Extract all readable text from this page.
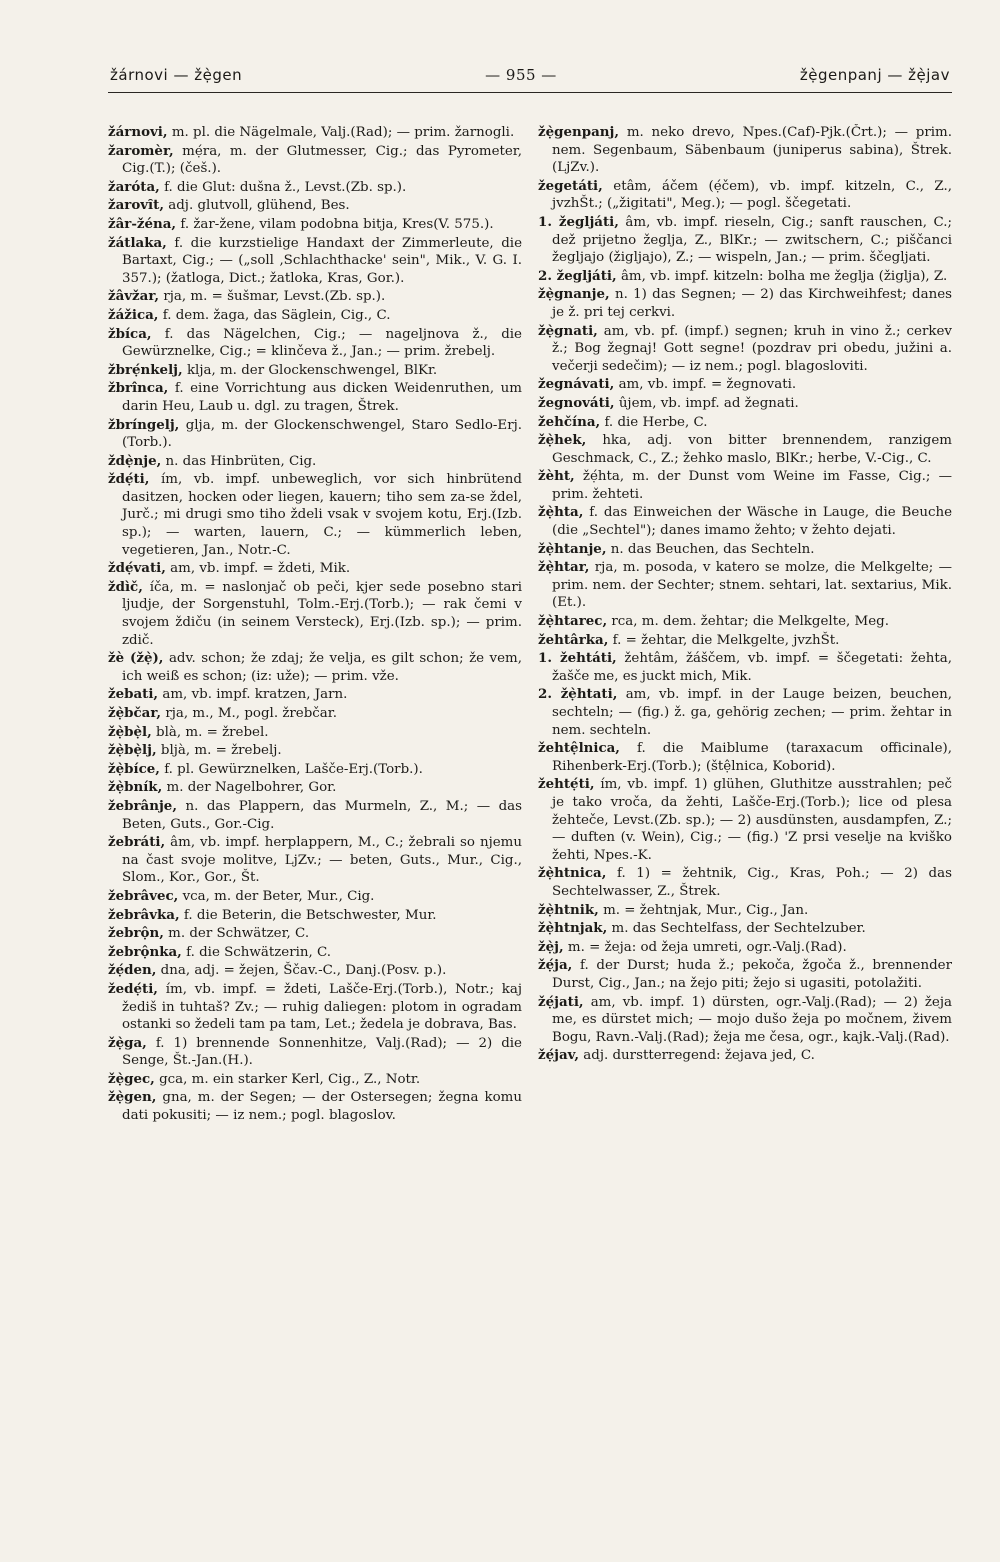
žárnovi — žẹ̀gen	— 955 —	žẹ̀genpanj — žẹ̀jav

žárnovi, m. pl. die Nägelmale, Valj.(Rad); — prim. žarnogli.

žaromèr, mẹ́ra, m. der Glutmesser, Cig.; das Pyrometer, Cig.(T.); (češ.).

žaróta, f. die Glut: dušna ž., Levst.(Zb. sp.).

žarovȋt, adj. glutvoll, glühend, Bes.

žâr-žéna, f. žar-žene, vilam podobna bitja, Kres(V. 575.).

žátlaka, f. die kurzstielige Handaxt der Zimmerleute, die Bartaxt, Cig.; — („soll ‚Schlachthacke' sein", Mik., V. G. I. 357.); (žatloga, Dict.; žatloka, Kras, Gor.).

žâvžar, rja, m. = šušmar, Levst.(Zb. sp.).

žážica, f. dem. žaga, das Säglein, Cig., C.

žbíca, f. das Nägelchen, Cig.; — nageljnova ž., die Gewürznelke, Cig.; = klinčeva ž., Jan.; — prim. žrebelj.

žbrẹ́nkelj, klja, m. der Glockenschwengel, BlKr.

žbrînca, f. eine Vorrichtung aus dicken Weidenruthen, um darin Heu, Laub u. dgl. zu tragen, Štrek.

žbríngelj, glja, m. der Glockenschwengel, Staro Sedlo-Erj.(Torb.).

ždẹ̀nje, n. das Hinbrüten, Cig.

ždẹ́ti, ím, vb. impf. unbeweglich, vor sich hinbrütend dasitzen, hocken oder liegen, kauern; tiho sem za-se ždel, Jurč.; mi drugi smo tiho ždeli vsak v svojem kotu, Erj.(Izb. sp.); — warten, lauern, C.; — kümmerlich leben, vegetieren, Jan., Notr.-C.

ždẹ́vati, am, vb. impf. = ždeti, Mik.

ždìč, íča, m. = naslonjač ob peči, kjer sede posebno stari ljudje, der Sorgenstuhl, Tolm.-Erj.(Torb.); — rak čemi v svojem ždiču (in seinem Versteck), Erj.(Izb. sp.); — prim. zdič.

žè (žẹ̀), adv. schon; že zdaj; že velja, es gilt schon; že vem, ich weiß es schon; (iz: uže); — prim. vže.

žebati, am, vb. impf. kratzen, Jarn.

žẹ̀bčar, rja, m., M., pogl. žrebčar.

žẹ̀bẹ̀l, blà, m. = žrebel.

žẹ̀bẹ̀lj, bljà, m. = žrebelj.

žẹ̀bíce, f. pl. Gewürznelken, Lašče-Erj.(Torb.).

žẹ̀bník, m. der Nagelbohrer, Gor.

žebrânje, n. das Plappern, das Murmeln, Z., M.; — das Beten, Guts., Gor.-Cig.

žebráti, âm, vb. impf. herplappern, M., C.; žebrali so njemu na čast svoje molitve, LjZv.; — beten, Guts., Mur., Cig., Slom., Kor., Gor., Št.

žebrâvec, vca, m. der Beter, Mur., Cig.

žebrâvka, f. die Beterin, die Betschwester, Mur.

žebrộn, m. der Schwätzer, C.

žebrộnka, f. die Schwätzerin, C.

žẹ́den, dna, adj. = žejen, Ščav.-C., Danj.(Posv. p.).

žedẹ́ti, ím, vb. impf. = ždeti, Lašče-Erj.(Torb.), Notr.; kaj žediš in tuhtaš? Zv.; — ruhig daliegen: plotom in ogradam ostanki so žedeli tam pa tam, Let.; žedela je dobrava, Bas.

žẹ̀ga, f. 1) brennende Sonnenhitze, Valj.(Rad); — 2) die Senge, Št.-Jan.(H.).

žẹ̀gec, gca, m. ein starker Kerl, Cig., Z., Notr.

žẹ̀gen, gna, m. der Segen; — der Ostersegen; žegna komu dati pokusiti; — iz nem.; pogl. blagoslov.

žẹ̀genpanj, m. neko drevo, Npes.(Caf)-Pjk.(Črt.); — prim. nem. Segenbaum, Säbenbaum (juniperus sabina), Štrek.(LjZv.).

žegetáti, etâm, áčem (ẹ́čem), vb. impf. kitzeln, C., Z., jvzhŠt.; („žigitati", Meg.); — pogl. ščegetati.

1. žegljáti, âm, vb. impf. rieseln, Cig.; sanft rauschen, C.; dež prijetno žeglja, Z., BlKr.; — zwitschern, C.; piščanci žegljajo (žigljajo), Z.; — wispeln, Jan.; — prim. ščegljati.

2. žegljáti, âm, vb. impf. kitzeln: bolha me žeglja (žiglja), Z.

žẹ̀gnanje, n. 1) das Segnen; — 2) das Kirchweihfest; danes je ž. pri tej cerkvi.

žẹ̀gnati, am, vb. pf. (impf.) segnen; kruh in vino ž.; cerkev ž.; Bog žegnaj! Gott segne! (pozdrav pri obedu, južini a. večerji sedečim); — iz nem.; pogl. blagosloviti.

žegnávati, am, vb. impf. = žegnovati.

žegnováti, ûjem, vb. impf. ad žegnati.

žehčína, f. die Herbe, C.

žẹ̀hek, hka, adj. von bitter brennendem, ranzigem Geschmack, C., Z.; žehko maslo, BlKr.; herbe, V.-Cig., C.

žèht, žẹ́hta, m. der Dunst vom Weine im Fasse, Cig.; — prim. žehteti.

žẹ̀hta, f. das Einweichen der Wäsche in Lauge, die Beuche (die „Sechtel"); danes imamo žehto; v žehto dejati.

žẹ̀htanje, n. das Beuchen, das Sechteln.

žẹ̀htar, rja, m. posoda, v katero se molze, die Melkgelte; — prim. nem. der Sechter; stnem. sehtari, lat. sextarius, Mik.(Et.).

žẹ̀htarec, rca, m. dem. žehtar; die Melkgelte, Meg.

žehtârka, f. = žehtar, die Melkgelte, jvzhŠt.

1. žehtáti, žehtâm, žáščem, vb. impf. = ščegetati: žehta, žašče me, es juckt mich, Mik.

2. žẹ̀htati, am, vb. impf. in der Lauge beizen, beuchen, sechteln; — (fig.) ž. ga, gehörig zechen; — prim. žehtar in nem. sechteln.

žehtệlnica, f. die Maiblume (taraxacum officinale), Rihenberk-Erj.(Torb.); (štệlnica, Koborid).

žehtẹ́ti, ím, vb. impf. 1) glühen, Gluthitze ausstrahlen; peč je tako vroča, da žehti, Lašče-Erj.(Torb.); lice od plesa žehteče, Levst.(Zb. sp.); — 2) ausdünsten, ausdampfen, Z.; — duften (v. Wein), Cig.; — (fig.) 'Z prsi veselje na kviško žehti, Npes.-K.

žẹ̀htnica, f. 1) = žehtnik, Cig., Kras, Poh.; — 2) das Sechtelwasser, Z., Štrek.

žẹ̀htnik, m. = žehtnjak, Mur., Cig., Jan.

žẹ̀htnjak, m. das Sechtelfass, der Sechtelzuber.

žẹ̀j, m. = žeja: od žeja umreti, ogr.-Valj.(Rad).

žẹ́ja, f. der Durst; huda ž.; pekoča, žgoča ž., brennender Durst, Cig., Jan.; na žejo piti; žejo si ugasiti, potolažiti.

žẹ́jati, am, vb. impf. 1) dürsten, ogr.-Valj.(Rad); — 2) žeja me, es dürstet mich; — mojo dušo žeja po močnem, živem Bogu, Ravn.-Valj.(Rad); žeja me česa, ogr., kajk.-Valj.(Rad).

žẹ́jav, adj. durstterregend: žejava jed, C.
